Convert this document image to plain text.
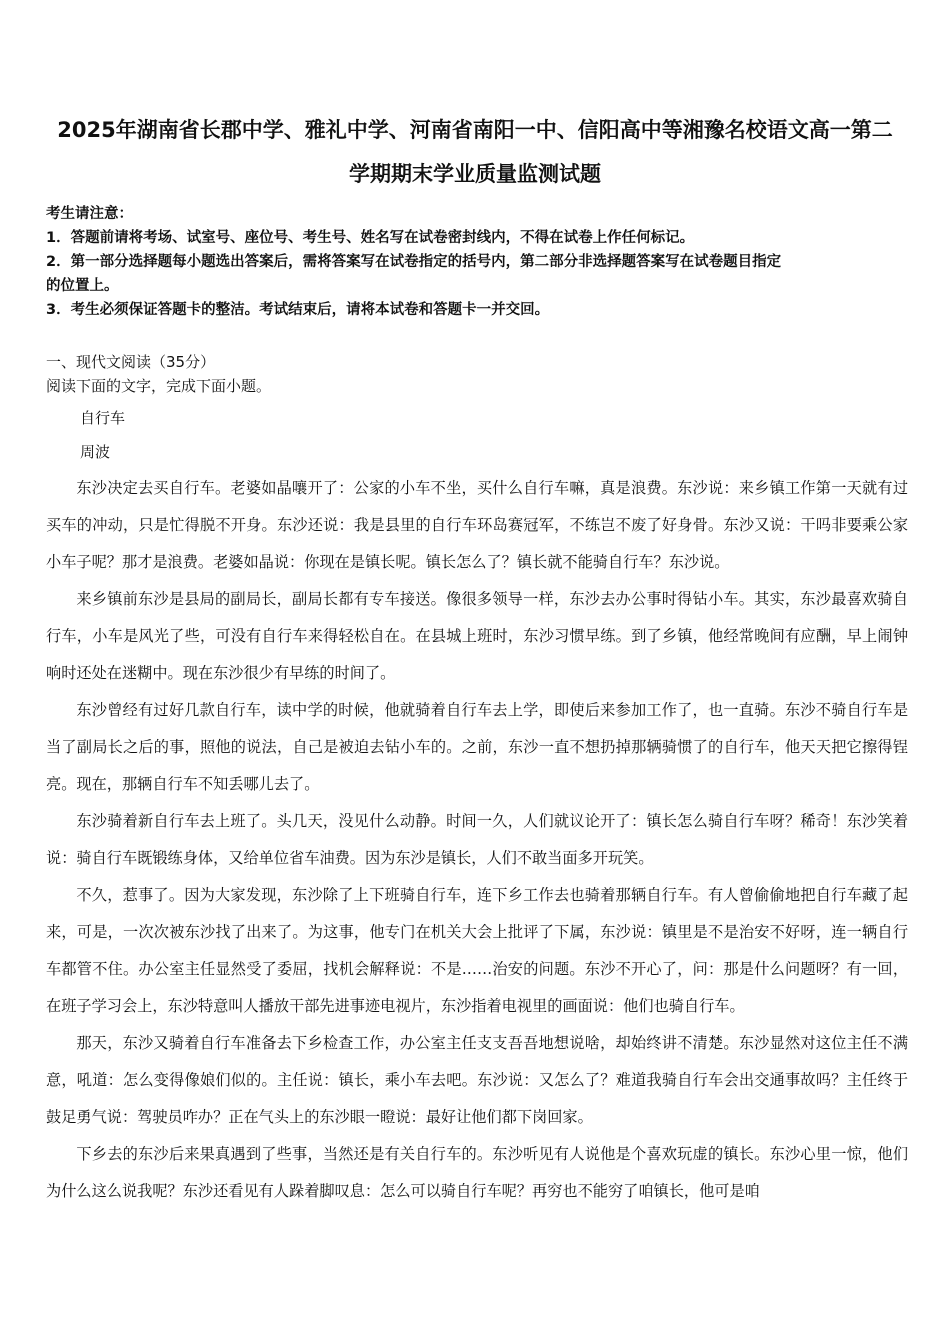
2025年湖南省长郡中学、雅礼中学、河南省南阳一中、信阳高中等湘豫名校语文高一第二
学期期末学业质量监测试题
考生请注意：
1．答题前请将考场、试室号、座位号、考生号、姓名写在试卷密封线内，不得在试卷上作任何标记。
2．第一部分选择题每小题选出答案后，需将答案写在试卷指定的括号内，第二部分非选择题答案写在试卷题目指定
的位置上。
3．考生必须保证答题卡的整洁。考试结束后，请将本试卷和答题卡一并交回。
一、现代文阅读（35分）
阅读下面的文字，完成下面小题。
自行车
周波

东沙决定去买自行车。老婆如晶嚷开了：公家的小车不坐，买什么自行车嘛，真是浪费。东沙说：来乡镇工作第一天就有过买车的冲动，只是忙得脱不开身。东沙还说：我是县里的自行车环岛赛冠军，不练岂不废了好身骨。东沙又说：干吗非要乘公家小车子呢？那才是浪费。老婆如晶说：你现在是镇长呢。镇长怎么了？镇长就不能骑自行车？东沙说。

来乡镇前东沙是县局的副局长，副局长都有专车接送。像很多领导一样，东沙去办公事时得钻小车。其实，东沙最喜欢骑自行车，小车是风光了些，可没有自行车来得轻松自在。在县城上班时，东沙习惯早练。到了乡镇，他经常晚间有应酬，早上闹钟响时还处在迷糊中。现在东沙很少有早练的时间了。

东沙曾经有过好几款自行车，读中学的时候，他就骑着自行车去上学，即使后来参加工作了，也一直骑。东沙不骑自行车是当了副局长之后的事，照他的说法，自己是被迫去钻小车的。之前，东沙一直不想扔掉那辆骑惯了的自行车，他天天把它擦得锃亮。现在，那辆自行车不知丢哪儿去了。

东沙骑着新自行车去上班了。头几天，没见什么动静。时间一久，人们就议论开了：镇长怎么骑自行车呀？稀奇！东沙笑着说：骑自行车既锻练身体，又给单位省车油费。因为东沙是镇长，人们不敢当面多开玩笑。

不久，惹事了。因为大家发现，东沙除了上下班骑自行车，连下乡工作去也骑着那辆自行车。有人曾偷偷地把自行车藏了起来，可是，一次次被东沙找了出来了。为这事，他专门在机关大会上批评了下属，东沙说：镇里是不是治安不好呀，连一辆自行车都管不住。办公室主任显然受了委屈，找机会解释说：不是……治安的问题。东沙不开心了，问：那是什么问题呀？有一回，在班子学习会上，东沙特意叫人播放干部先进事迹电视片，东沙指着电视里的画面说：他们也骑自行车。

那天，东沙又骑着自行车准备去下乡检查工作，办公室主任支支吾吾地想说啥，却始终讲不清楚。东沙显然对这位主任不满意，吼道：怎么变得像娘们似的。主任说：镇长，乘小车去吧。东沙说：又怎么了？难道我骑自行车会出交通事故吗？主任终于鼓足勇气说：驾驶员咋办？正在气头上的东沙眼一瞪说：最好让他们都下岗回家。

下乡去的东沙后来果真遇到了些事，当然还是有关自行车的。东沙听见有人说他是个喜欢玩虚的镇长。东沙心里一惊，他们为什么这么说我呢？东沙还看见有人跺着脚叹息：怎么可以骑自行车呢？再穷也不能穷了咱镇长，他可是咱
